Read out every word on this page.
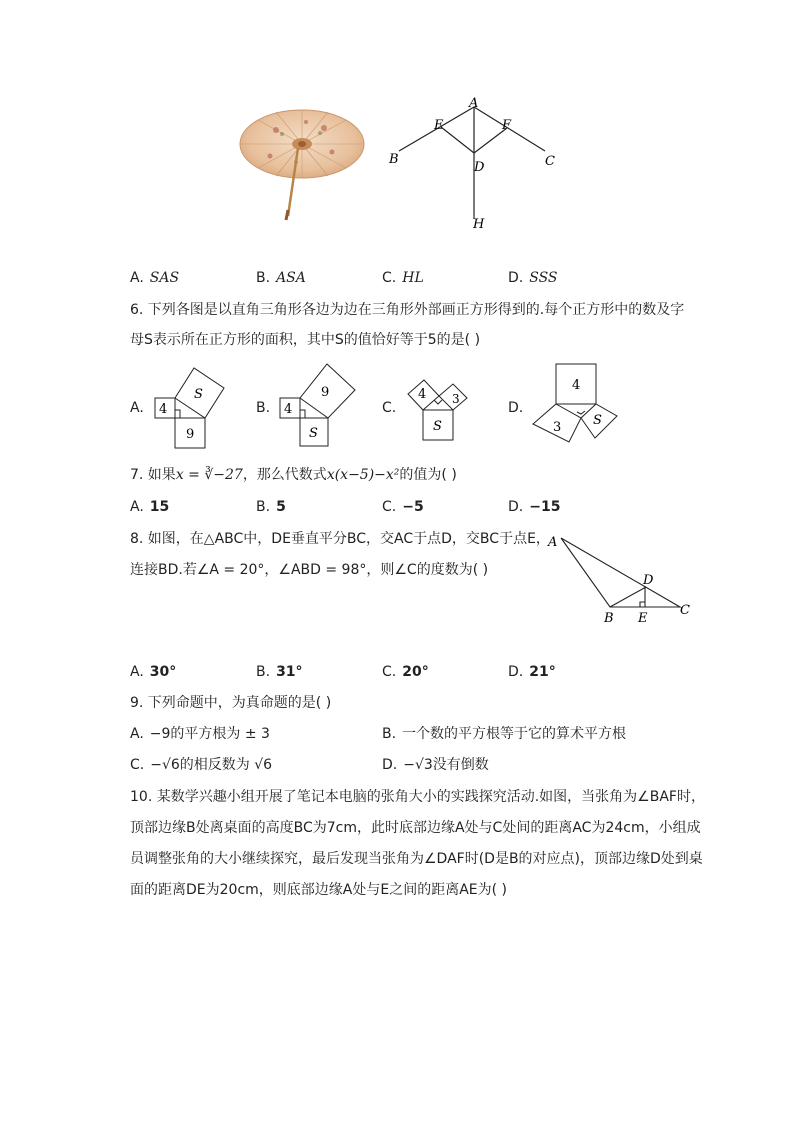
A
B	C
D
E	F
H
A. SAS	B. ASA	C. HL	D. SSS
6. 下列各图是以直角三角形各边为边在三角形外部画正方形得到的.每个正方形中的数及字
母S表示所在正方形的面积，其中S的值恰好等于5的是( )
A. 4
S
9
B. 4
9
S
C.
4 3
S
D.
4
3 S
7. 如果x = ∛−27，那么代数式x(x−5)−x²的值为( )
A. 15	B. 5	C. −5	D. −15
8. 如图，在△ABC中，DE垂直平分BC，交AC于点D，交BC于点E，
连接BD.若∠A = 20°，∠ABD = 98°，则∠C的度数为( )
A
B
C
D
E
A. 30°	B. 31°	C. 20°	D. 21°
9. 下列命题中，为真命题的是( )
A. −9的平方根为 ± 3	B. 一个数的平方根等于它的算术平方根
C. −√6的相反数为 √6	D. −√3没有倒数
10. 某数学兴趣小组开展了笔记本电脑的张角大小的实践探究活动.如图，当张角为∠BAF时，
顶部边缘B处离桌面的高度BC为7cm，此时底部边缘A处与C处间的距离AC为24cm，小组成
员调整张角的大小继续探究，最后发现当张角为∠DAF时(D是B的对应点)，顶部边缘D处到桌
面的距离DE为20cm，则底部边缘A处与E之间的距离AE为( )
